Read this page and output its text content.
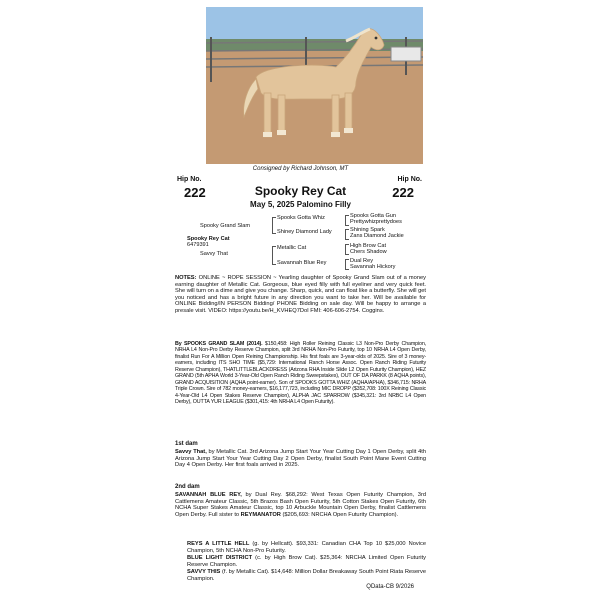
Consigned by Richard Johnson, MT
Hip No.
222
Hip No.
222
Spooky Rey Cat
May 5, 2025 Palomino Filly
Spooky Grand Slam
Spooky Rey Cat
6479391
Savvy That
Spooks Gotta Whiz
Shiney Diamond Lady
Metallic Cat
Savannah Blue Rey
Spooks Gotta Gun
Prettywhizprettydoes
Shining Spark
Zans Diamond Jackie
High Brow Cat
Chers Shadow
Dual Rey
Savannah Hickory
NOTES: ONLINE ~ ROPE SESSION ~ Yearling daughter of Spooky Grand Slam out of a money earning daughter of Metallic Cat. Gorgeous, blue eyed filly with full eyeliner and very quick feet. She will turn on a dime and give you change. Sharp, quick, and can float like a butterfly. She will get you noticed and has a bright future in any direction you want to take her. Will be available for ONLINE Bidding/IN PERSON Bidding/ PHONE Bidding on sale day. Will be happy to arrange a presale visit. VIDEO: https://youtu.be/H_KVHEQ7DoI FMI: 406-606-2754. Coggins.
By SPOOKS GRAND SLAM (2014). $150,458: High Roller Reining Classic L3 Non-Pro Derby Champion, NRHA L4 Non-Pro Derby Reserve Champion, split 3rd NRHA Non-Pro Futurity, top 10 NRHA L4 Open Derby, finalist Run For A Million Open Reining Championship. His first foals are 3-year-olds of 2025. Sire of 3 money-earners, including ITS SHO TIME ($5,729: International Ranch Horse Assoc. Open Ranch Riding Futurity Reserve Champion), THATLITTLEBLACKDRESS (Arizona RHA Inside Slide L2 Open Futurity Champion), HEZ GRAND (5th APHA World 3-Year-Old Open Ranch Riding Sweepstakes), OUT OF DA PARKK (8 AQHA points), GRAND ACQUISITION (AQHA point-earner). Son of SPOOKS GOTTA WHIZ (AQHA/APHA), $346,715: NRHA Triple Crown. Sire of 782 money-earners, $16,177,723, including MIC DROPP ($352,708: 100X Reining Classic 4-Year-Old L4 Open Stakes Reserve Champion), ALPHA JAC SPARROW ($345,321: 3rd NRBC L4 Open Derby), OUTTA YUR LEAGUE ($301,415: 4th NRHA L4 Open Futurity).
1st dam
Savvy That, by Metallic Cat. 3rd Arizona Jump Start Your Year Cutting Day 1 Open Derby, split 4th Arizona Jump Start Your Year Cutting Day 2 Open Derby, finalist South Point Mane Event Cutting Day 4 Open Derby. Her first foals arrived in 2025.
2nd dam
SAVANNAH BLUE REY, by Dual Rey. $68,292: West Texas Open Futurity Champion, 3rd Cattlemens Amateur Classic, 5th Brazos Bash Open Futurity, 5th Cotton Stakes Open Futurity, 6th NCHA Super Stakes Amateur Classic, top 10 Arbuckle Mountain Open Derby, finalist Cattlemens Open Derby. Full sister to REYMANATOR ($205,693: NRCHA Open Futurity Champion).
REYS A LITTLE HELL (g. by Hellcatt). $93,331: Canadian CHA Top 10 $25,000 Novice Champion, 5th NCHA Non-Pro Futurity.
BLUE LIGHT DISTRICT (c. by High Brow Cat). $25,364: NRCHA Limited Open Futurity Reserve Champion.
SAVVY THIS (f. by Metallic Cat). $14,648: Million Dollar Breakaway South Point Riata Reserve Champion.
QData-CB 9/2026
